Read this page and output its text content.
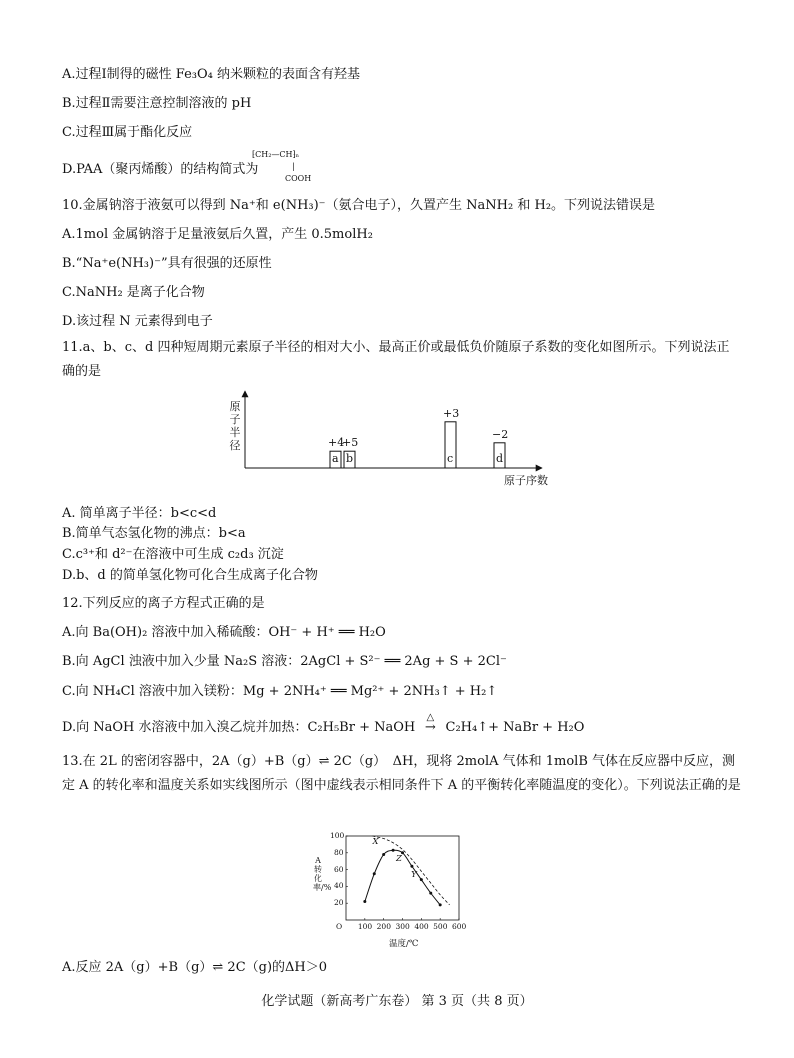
A.过程Ⅰ制得的磁性 Fe₃O₄ 纳米颗粒的表面含有羟基
B.过程Ⅱ需要注意控制溶液的 pH
C.过程Ⅲ属于酯化反应
D.PAA（聚丙烯酸）的结构简式为
⁅CH₂—CH⁆ₙ
|
COOH
10.金属钠溶于液氨可以得到 Na⁺和 e(NH₃)⁻（氨合电子），久置产生 NaNH₂ 和 H₂。下列说法错误是
A.1mol 金属钠溶于足量液氨后久置，产生 0.5molH₂
B.“Na⁺e(NH₃)⁻”具有很强的还原性
C.NaNH₂ 是离子化合物
D.该过程 N 元素得到电子
11.a、b、c、d 四种短周期元素原子半径的相对大小、最高正价或最低负价随原子系数的变化如图所示。下列说法正确的是
原子半径
原子序数
a
+4
b
+5
c
+3
d
−2
A. 简单离子半径：b<c<d
B.简单气态氢化物的沸点：b<a
C.c³⁺和 d²⁻在溶液中可生成 c₂d₃ 沉淀
D.b、d 的简单氢化物可化合生成离子化合物
12.下列反应的离子方程式正确的是
A.向 Ba(OH)₂ 溶液中加入稀硫酸：OH⁻ + H⁺ ══ H₂O
B.向 AgCl 浊液中加入少量 Na₂S 溶液：2AgCl + S²⁻ ══ 2Ag + S + 2Cl⁻
C.向 NH₄Cl 溶液中加入镁粉：Mg + 2NH₄⁺ ══ Mg²⁺ + 2NH₃↑ + H₂↑
D.向 NaOH 水溶液中加入溴乙烷并加热：C₂H₅Br + NaOH
△
→ C₂H₄↑+ NaBr + H₂O
13.在 2L 的密闭容器中，2A（g）+B（g）⇌ 2C（g）　ΔH，现将 2molA 气体和 1molB 气体在反应器中反应，测定 A 的转化率和温度关系如实线图所示（图中虚线表示相同条件下 A 的平衡转化率随温度的变化）。下列说法正确的是
A转化率/%
温度/℃
O 100 200 300 400 500 600
20
40
60
80
100
X
Z
Y
A.反应 2A（g）+B（g）⇌ 2C（g)的ΔH＞0
化学试题（新高考广东卷） 第 3 页（共 8 页）
